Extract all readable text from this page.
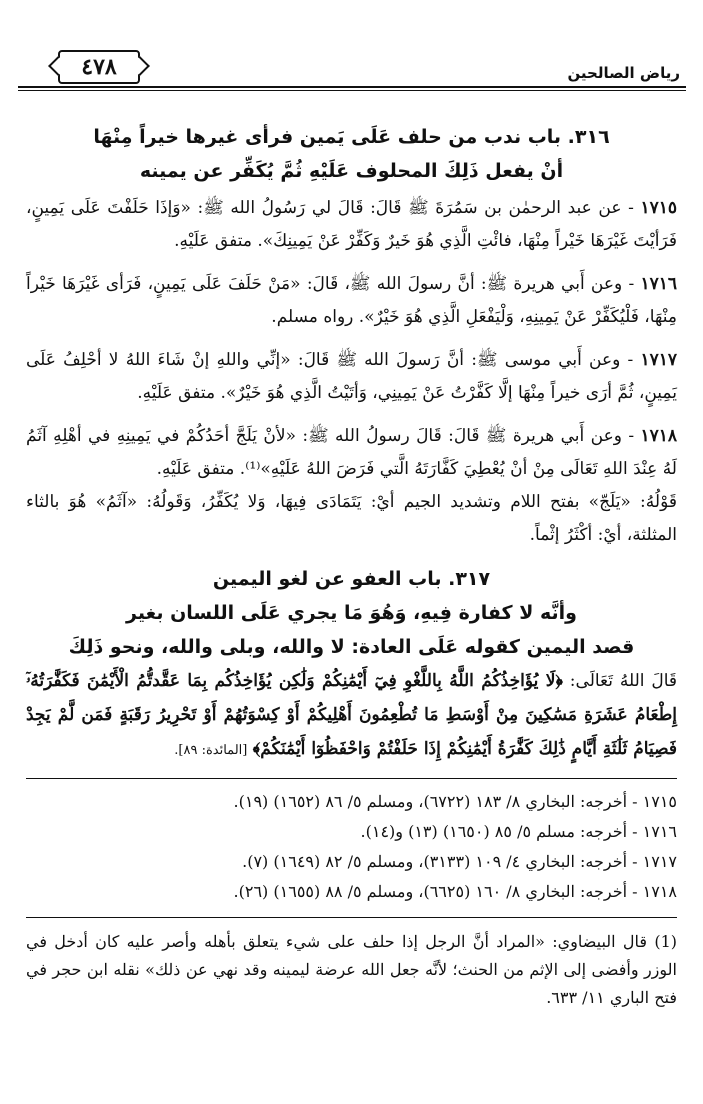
رياض الصالحين
٤٧٨
٣١٦. باب ندب من حلف عَلَى يَمين فرأى غيرها خيراً مِنْهَا
أنْ يفعل ذَلِكَ المحلوف عَلَيْهِ ثُمَّ يُكَفِّر عن يمينه

١٧١٥ - عن عبد الرحمٰن بن سَمُرَةَ ﷺ قَالَ: قَالَ لي رَسُولُ الله ﷺ: «وَإذَا حَلَفْتَ عَلَى يَمِينٍ، فَرَأيْتَ غَيْرَهَا خَيْراً مِنْهَا، فائْتِ الَّذِي هُوَ خَيرٌ وَكَفِّرْ عَنْ يَمِينِكَ». متفق عَلَيْهِ.

١٧١٦ - وعن أَبي هريرة ﷺ: أنَّ رسولَ الله ﷺ، قَالَ: «مَنْ حَلَفَ عَلَى يَمِينٍ، فَرَأى غَيْرَهَا خَيْراً مِنْهَا، فَلْيُكَفِّرْ عَنْ يَمِينِهِ، وَلْيَفْعَلِ الَّذِي هُوَ خَيْرٌ». رواه مسلم.

١٧١٧ - وعن أَبي موسى ﷺ: أنَّ رَسولَ الله ﷺ قَالَ: «إنِّي واللهِ إنْ شَاءَ اللهُ لا أحْلِفُ عَلَى يَمِينٍ، ثُمَّ أرَى خيراً مِنْهَا إلَّا كَفَّرْتُ عَنْ يَمِينِي، وَأتَيْتُ الَّذِي هُوَ خَيْرٌ». متفق عَلَيْهِ.

١٧١٨ - وعن أَبي هريرة ﷺ قَالَ: قَالَ رسولُ الله ﷺ: «لأنْ يَلَجَّ أحَدُكُمْ في يَمِينِهِ في أهْلِهِ آثَمُ لَهُ عِنْدَ اللهِ تَعَالَى مِنْ أنْ يُعْطِيَ كَفَّارَتَهُ الَّتي فَرَضَ اللهُ عَلَيْهِ»⁽¹⁾. متفق عَلَيْهِ.

قَوْلُهُ: «يَلَجّ» بفتح اللام وتشديد الجيم أيْ: يَتَمَادَى فِيهَا، وَلا يُكَفِّرُ، وَقَولُهُ: «آثَمُ» هُوَ بالثاء المثلثة، أيْ: أكْثَرُ إثْماً.

٣١٧. باب العفو عن لغو اليمين
وأنَّه لا كفارة فِيهِ، وَهُوَ مَا يجري عَلَى اللسان بغير
قصد اليمين كقوله عَلَى العادة: لا والله، وبلى والله، ونحو ذَلِكَ

قَالَ اللهُ تَعَالَى: ﴿لَا يُؤَاخِذُكُمُ اللَّهُ بِاللَّغْوِ فِيٓ أَيْمَٰنِكُمْ وَلَٰكِن يُؤَاخِذُكُم بِمَا عَقَّدتُّمُ الْأَيْمَٰنَ فَكَفَّٰرَتُهُۥٓ إِطْعَامُ عَشَرَةِ مَسَٰكِينَ مِنْ أَوْسَطِ مَا تُطْعِمُونَ أَهْلِيكُمْ أَوْ كِسْوَتُهُمْ أَوْ تَحْرِيرُ رَقَبَةٍ فَمَن لَّمْ يَجِدْ فَصِيَامُ ثَلَٰثَةِ أَيَّامٍ ذَٰلِكَ كَفَّٰرَةُ أَيْمَٰنِكُمْ إِذَا حَلَفْتُمْ وَاحْفَظُوٓا أَيْمَٰنَكُمْ﴾ [المائدة: ٨٩].

١٧١٥ - أخرجه: البخاري ٨/ ١٨٣ (٦٧٢٢)، ومسلم ٥/ ٨٦ (١٦٥٢) (١٩).

١٧١٦ - أخرجه: مسلم ٥/ ٨٥ (١٦٥٠) (١٣) و(١٤).

١٧١٧ - أخرجه: البخاري ٤/ ١٠٩ (٣١٣٣)، ومسلم ٥/ ٨٢ (١٦٤٩) (٧).

١٧١٨ - أخرجه: البخاري ٨/ ١٦٠ (٦٦٢٥)، ومسلم ٥/ ٨٨ (١٦٥٥) (٢٦).

(1) قال البيضاوي: «المراد أنَّ الرجل إذا حلف على شيء يتعلق بأهله وأصر عليه كان أدخل في الوزر وأفضى إلى الإثم من الحنث؛ لأنَّه جعل الله عرضة ليمينه وقد نهي عن ذلك» نقله ابن حجر في فتح الباري ١١/ ٦٣٣.
